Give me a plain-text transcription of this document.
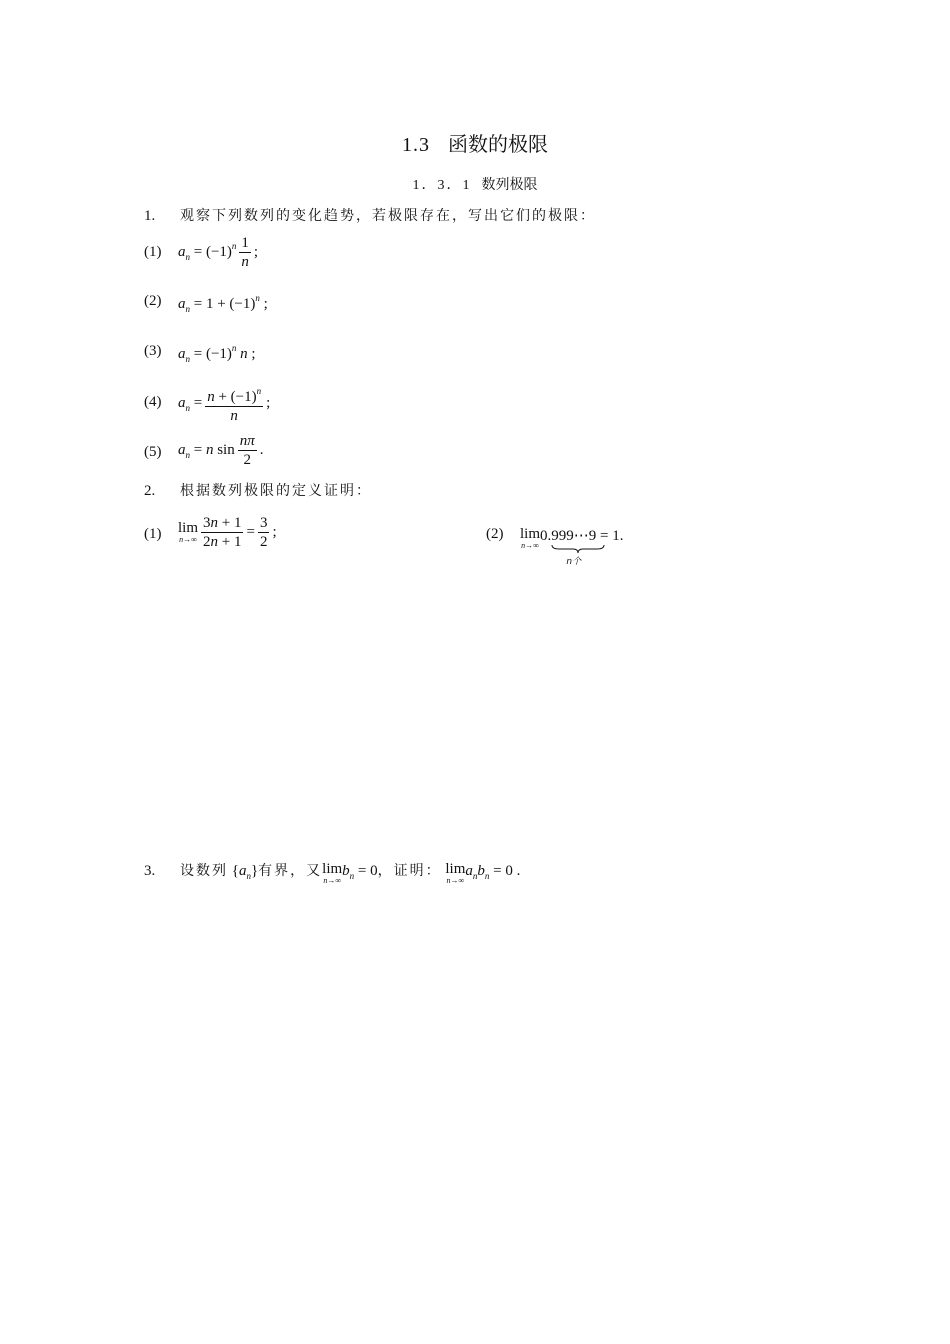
1.3 函数的极限
1．3．1 数列极限
1. 观察下列数列的变化趋势，若极限存在，写出它们的极限：
(1) $a_n = (-1)^n \frac{1}{n}$ ;
(2) $a_n = 1 + (-1)^n$ ;
(3) $a_n = (-1)^n$ n ;
(4) $a_n = \frac{n + (-1)^n}{n}$ ;
(5) $a_n = n$ $\sin \frac{n\pi}{2}$ .
2. 根据数列极限的定义证明：
(1) lim
$n\to\infty \frac{3n + 1}{2n + 1} = \frac{3}{2}$ ;	(2) lim
n→∞
0.999⋯9
n个
= 1.
3. 设数列 $\{a_n\}$有界，又 lim
n→∞
$b_n = 0$，证明： lim
n→∞
$a_nb_n = 0$ .
